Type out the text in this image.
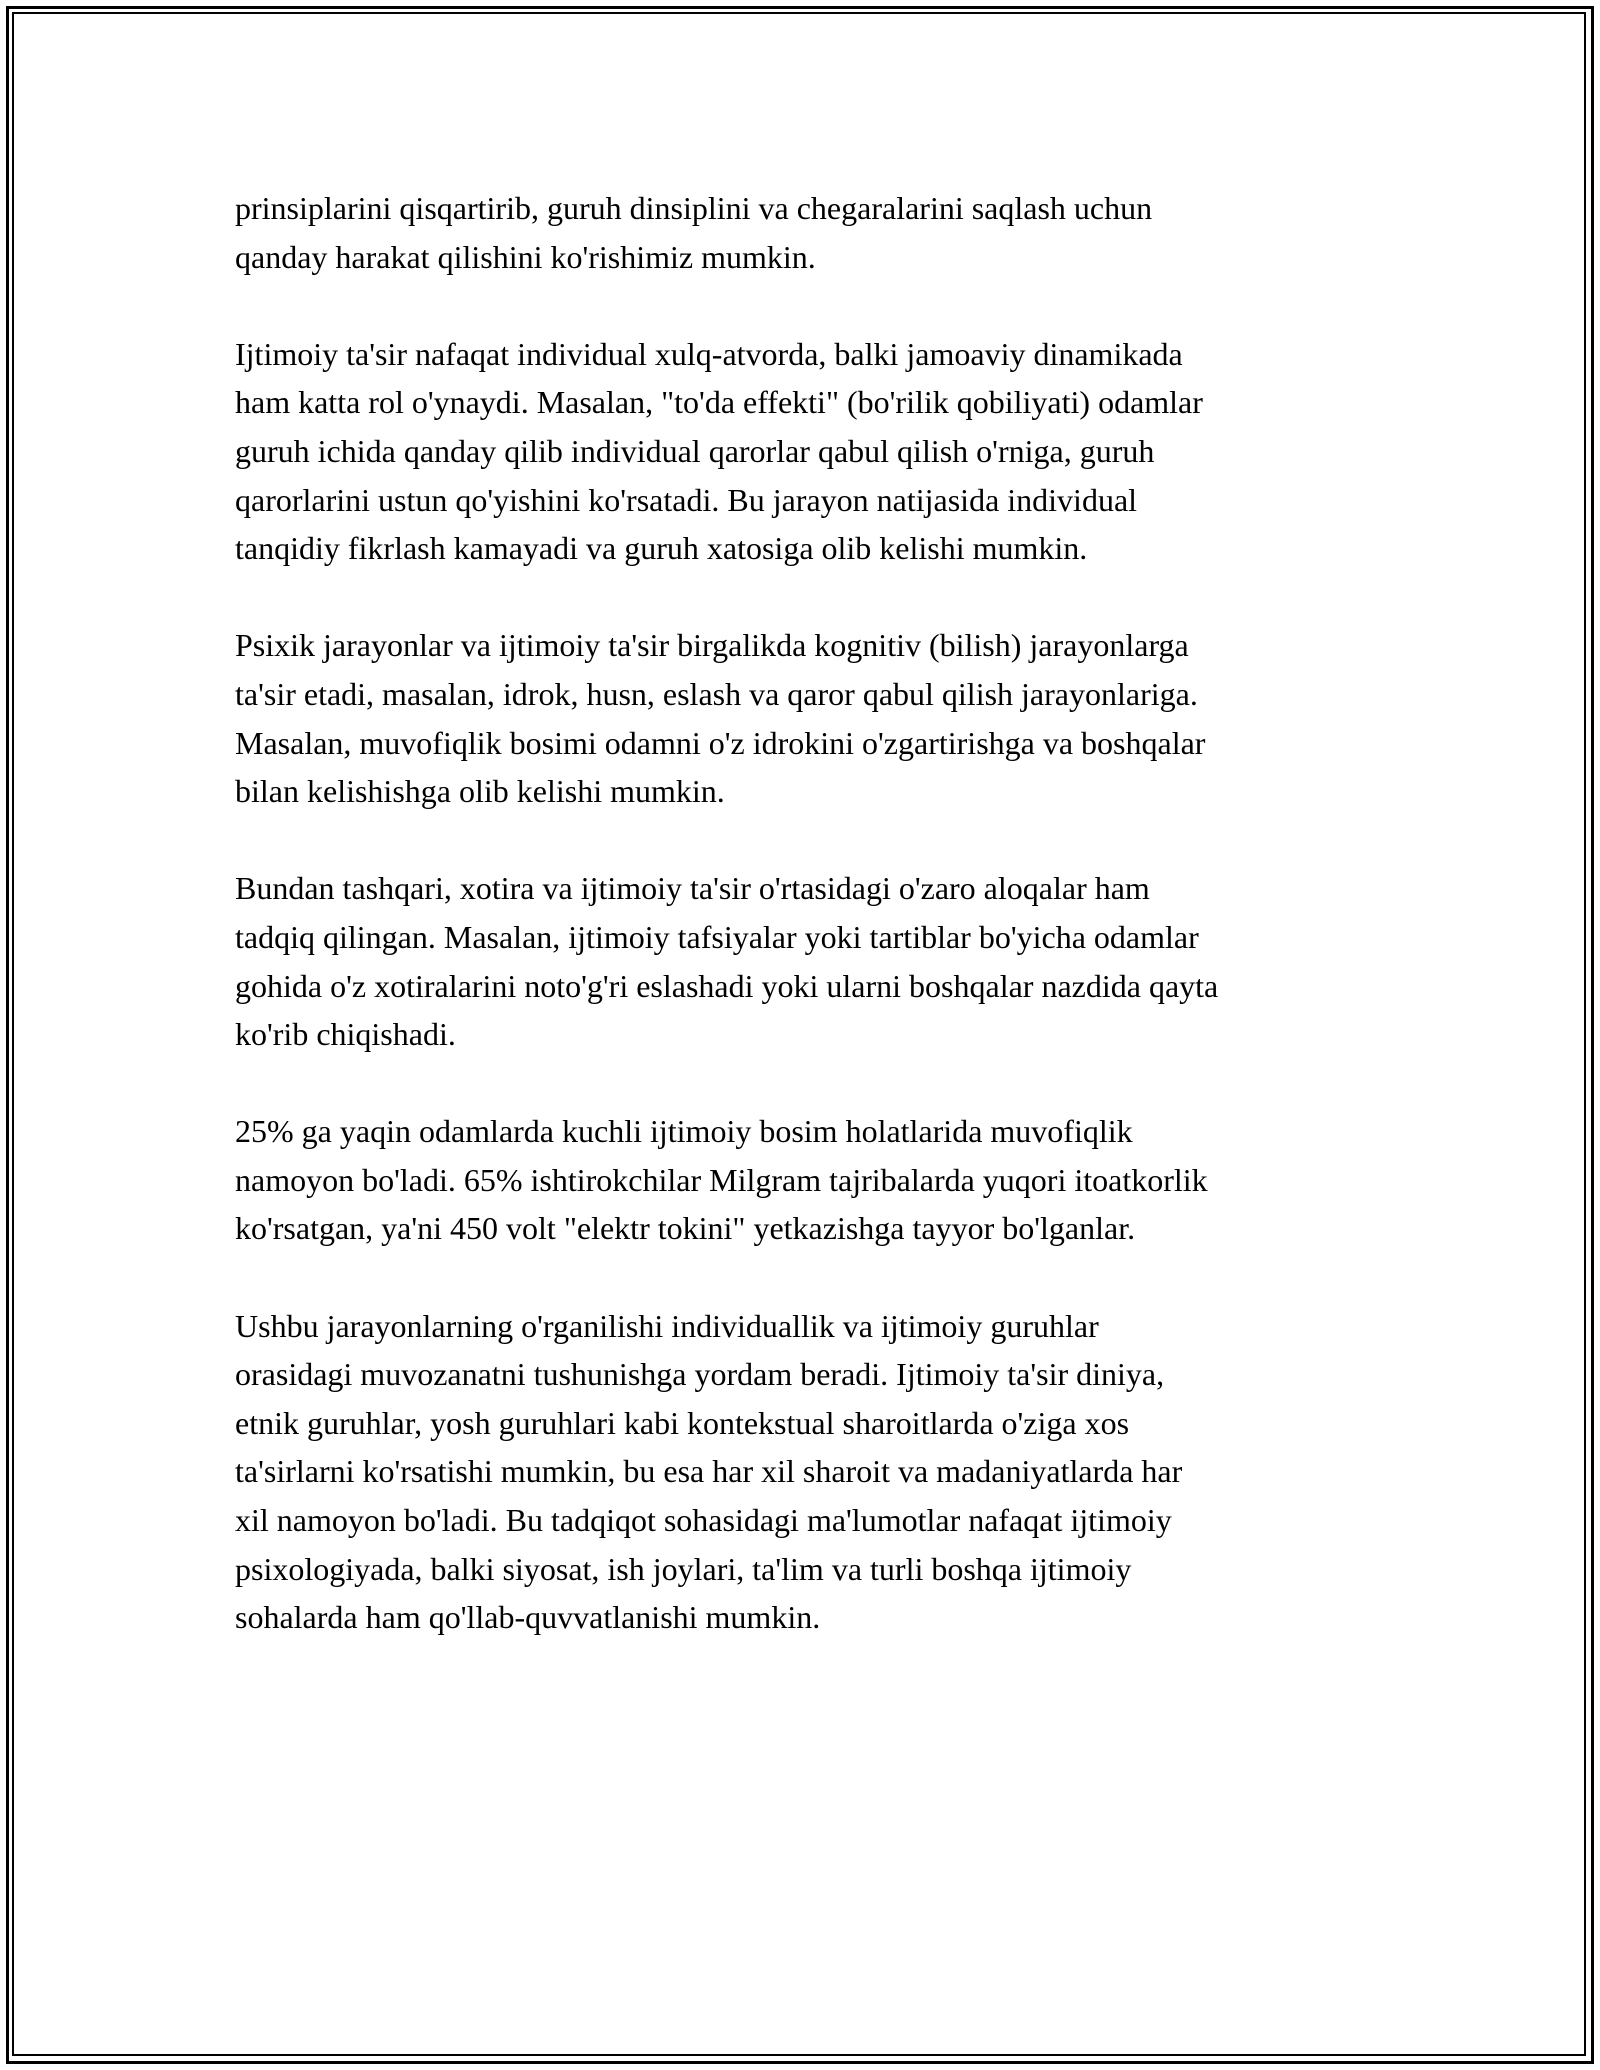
prinsiplarini qisqartirib, guruh dinsiplini va chegaralarini saqlash uchun
qanday harakat qilishini ko'rishimiz mumkin.

Ijtimoiy ta'sir nafaqat individual xulq-atvorda, balki jamoaviy dinamikada
ham katta rol o'ynaydi. Masalan, "to'da effekti" (bo'rilik qobiliyati) odamlar
guruh ichida qanday qilib individual qarorlar qabul qilish o'rniga, guruh
qarorlarini ustun qo'yishini ko'rsatadi. Bu jarayon natijasida individual
tanqidiy fikrlash kamayadi va guruh xatosiga olib kelishi mumkin.

Psixik jarayonlar va ijtimoiy ta'sir birgalikda kognitiv (bilish) jarayonlarga
ta'sir etadi, masalan, idrok, husn, eslash va qaror qabul qilish jarayonlariga.
Masalan, muvofiqlik bosimi odamni o'z idrokini o'zgartirishga va boshqalar
bilan kelishishga olib kelishi mumkin.

Bundan tashqari, xotira va ijtimoiy ta'sir o'rtasidagi o'zaro aloqalar ham
tadqiq qilingan. Masalan, ijtimoiy tafsiyalar yoki tartiblar bo'yicha odamlar
gohida o'z xotiralarini noto'g'ri eslashadi yoki ularni boshqalar nazdida qayta
ko'rib chiqishadi.

25% ga yaqin odamlarda kuchli ijtimoiy bosim holatlarida muvofiqlik
namoyon bo'ladi. 65% ishtirokchilar Milgram tajribalarda yuqori itoatkorlik
ko'rsatgan, ya'ni 450 volt "elektr tokini" yetkazishga tayyor bo'lganlar.

Ushbu jarayonlarning o'rganilishi individuallik va ijtimoiy guruhlar
orasidagi muvozanatni tushunishga yordam beradi. Ijtimoiy ta'sir diniya,
etnik guruhlar, yosh guruhlari kabi kontekstual sharoitlarda o'ziga xos
ta'sirlarni ko'rsatishi mumkin, bu esa har xil sharoit va madaniyatlarda har
xil namoyon bo'ladi. Bu tadqiqot sohasidagi ma'lumotlar nafaqat ijtimoiy
psixologiyada, balki siyosat, ish joylari, ta'lim va turli boshqa ijtimoiy
sohalarda ham qo'llab-quvvatlanishi mumkin.
